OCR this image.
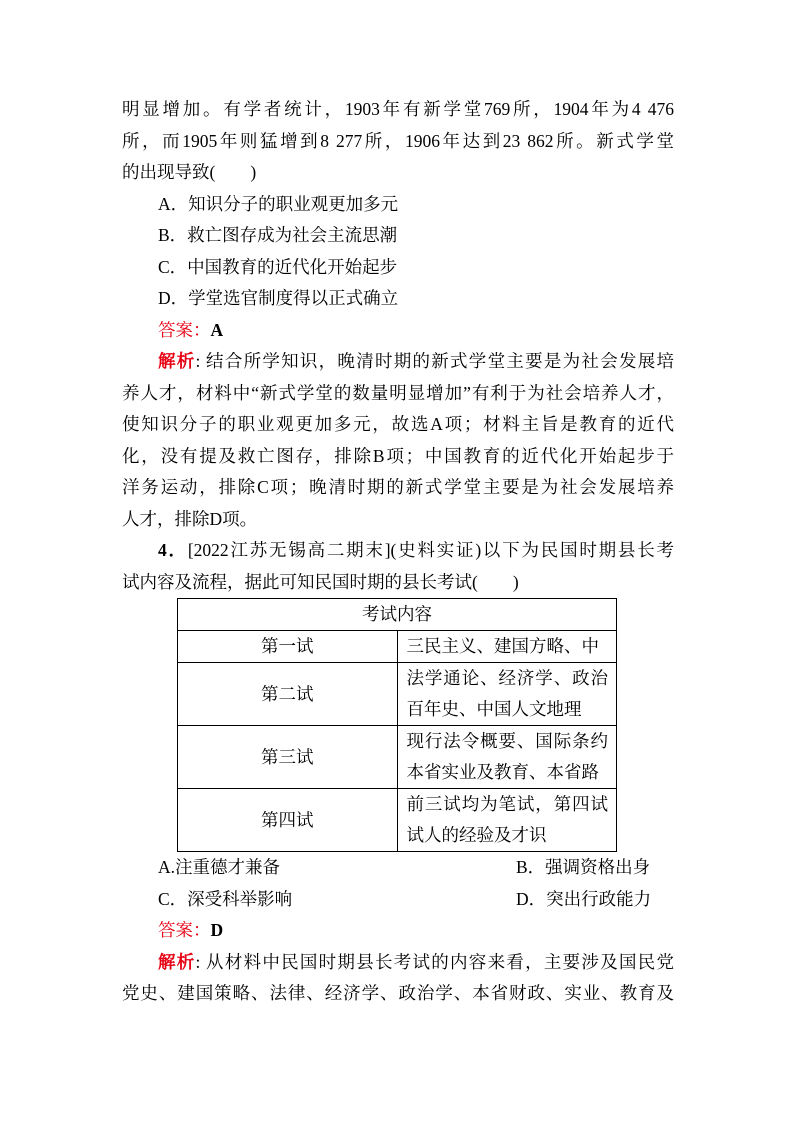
明显增加。有学者统计，1903年有新学堂769所，1904年为4 476
所，而1905年则猛增到8 277所，1906年达到23 862所。新式学堂
的出现导致(　　)
A．知识分子的职业观更加多元
B．救亡图存成为社会主流思潮
C．中国教育的近代化开始起步
D．学堂选官制度得以正式确立
答案：A
解析: 结合所学知识，晚清时期的新式学堂主要是为社会发展培
养人才，材料中“新式学堂的数量明显增加”有利于为社会培养人才，
使知识分子的职业观更加多元，故选A项；材料主旨是教育的近代
化，没有提及救亡图存，排除B项；中国教育的近代化开始起步于
洋务运动，排除C项；晚清时期的新式学堂主要是为社会发展培养
人才，排除D项。
4．[2022江苏无锡高二期末](史料实证)以下为民国时期县长考
试内容及流程，据此可知民国时期的县长考试(　　)
考试内容	
第一试	三民主义、建国方略、中

第二试	法学通论、经济学、政治
百年史、中国人文地理

第三试	现行法令概要、国际条约
本省实业及教育、本省路

第四试	前三试均为笔试，第四试
试人的经验及才识
A.注重德才兼备	B．强调资格出身
C．深受科举影响	D．突出行政能力
答案：D
解析: 从材料中民国时期县长考试的内容来看，主要涉及国民党
党史、建国策略、法律、经济学、政治学、本省财政、实业、教育及
